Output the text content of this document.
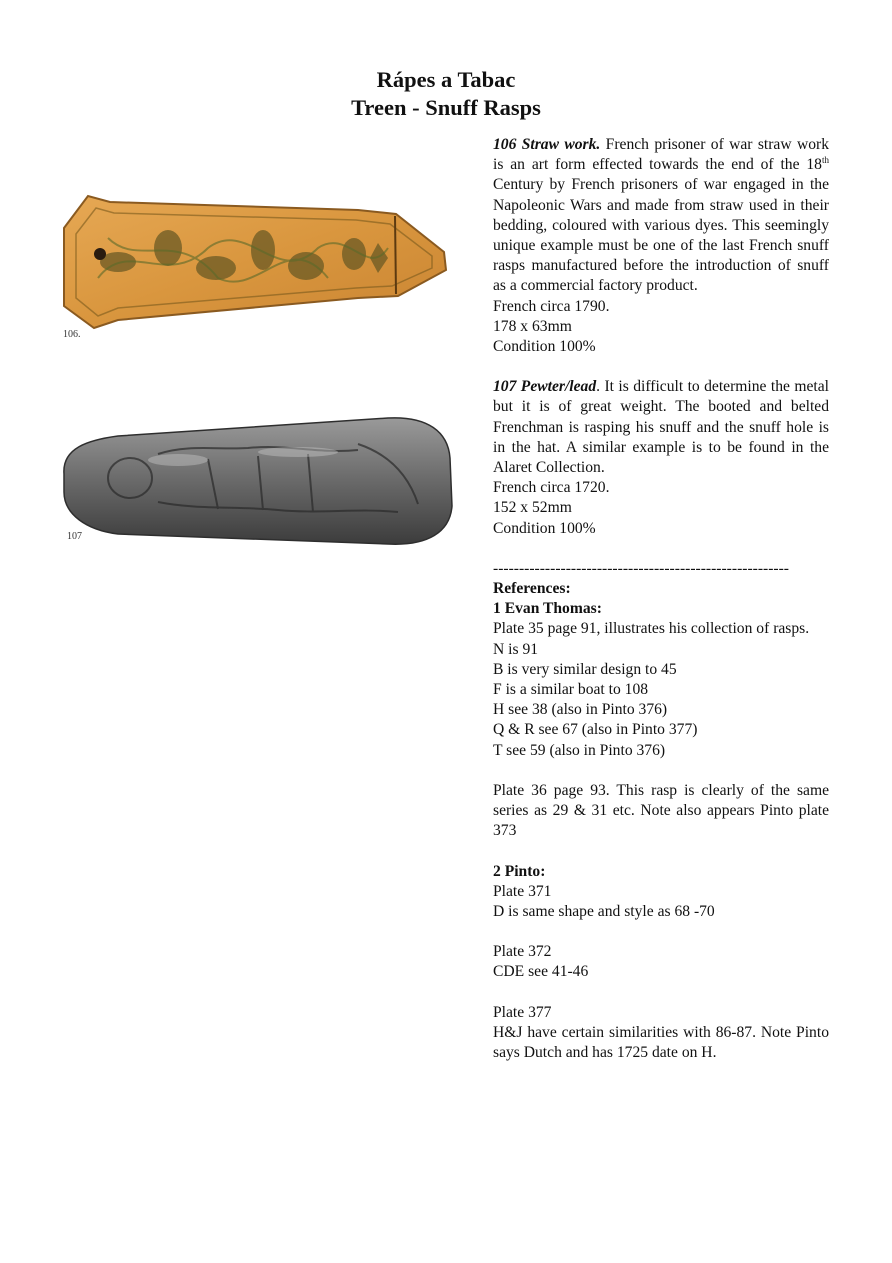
Rápes a Tabac
Treen - Snuff Rasps
106.
107

106 Straw work. French prisoner of war straw work is an art form effected towards the end of the 18th Century by French prisoners of war engaged in the Napoleonic Wars and made from straw used in their bedding, coloured with various dyes. This seemingly unique example must be one of the last French snuff rasps manufactured before the introduction of snuff as a commercial factory product.

French circa 1790.

178 x 63mm

Condition 100%

107 Pewter/lead. It is difficult to determine the metal but it is of great weight. The booted and belted Frenchman is rasping his snuff and the snuff hole is in the hat. A similar example is to be found in the Alaret Collection.

French circa 1720.

152 x 52mm

Condition 100%

---------------------------------------------------------

References:

1 Evan Thomas:

Plate 35 page 91, illustrates his collection of rasps.

N is 91

B is very similar design to 45

F is a similar boat to 108

H see 38 (also in Pinto 376)

Q & R see 67 (also in Pinto 377)

T see 59 (also in Pinto 376)

Plate 36 page 93. This rasp is clearly of the same series as 29 & 31 etc. Note also appears Pinto plate 373

2 Pinto:

Plate 371

D is same shape and style as 68 -70

Plate 372

CDE see 41-46

Plate 377

H&J have certain similarities with 86-87. Note Pinto says Dutch and has 1725 date on H.
